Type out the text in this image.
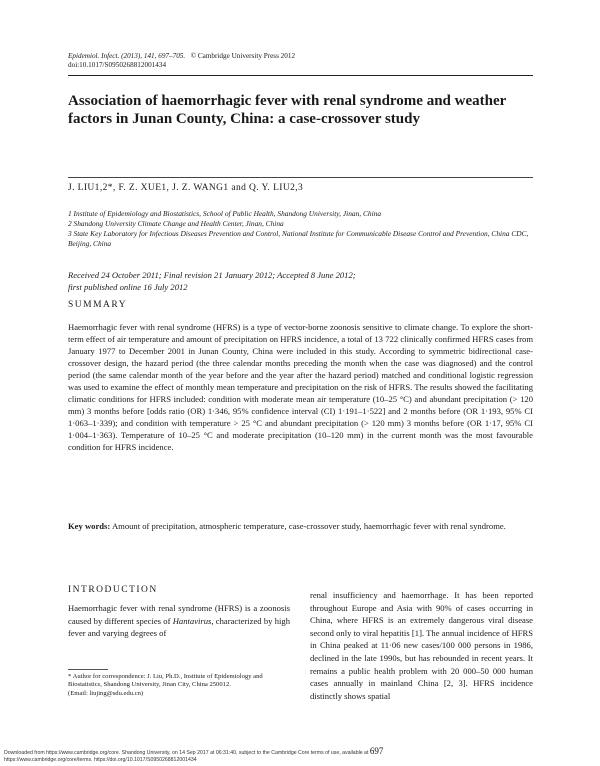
Epidemiol. Infect. (2013), 141, 697–705. © Cambridge University Press 2012
doi:10.1017/S0950268812001434
Association of haemorrhagic fever with renal syndrome and weather factors in Junan County, China: a case-crossover study
J. LIU1,2*, F. Z. XUE1, J. Z. WANG1 and Q. Y. LIU2,3
1 Institute of Epidemiology and Biostatistics, School of Public Health, Shandong University, Jinan, China
2 Shandong University Climate Change and Health Center, Jinan, China
3 State Key Laboratory for Infectious Diseases Prevention and Control, National Institute for Communicable Disease Control and Prevention, China CDC, Beijing, China
Received 24 October 2011; Final revision 21 January 2012; Accepted 8 June 2012;
first published online 16 July 2012
SUMMARY
Haemorrhagic fever with renal syndrome (HFRS) is a type of vector-borne zoonosis sensitive to climate change. To explore the short-term effect of air temperature and amount of precipitation on HFRS incidence, a total of 13 722 clinically confirmed HFRS cases from January 1977 to December 2001 in Junan County, China were included in this study. According to symmetric bidirectional case-crossover design, the hazard period (the three calendar months preceding the month when the case was diagnosed) and the control period (the same calendar month of the year before and the year after the hazard period) matched and conditional logistic regression was used to examine the effect of monthly mean temperature and precipitation on the risk of HFRS. The results showed the facilitating climatic conditions for HFRS included: condition with moderate mean air temperature (10–25 °C) and abundant precipitation (> 120 mm) 3 months before [odds ratio (OR) 1·346, 95% confidence interval (CI) 1·191–1·522] and 2 months before (OR 1·193, 95% CI 1·063–1·339); and condition with temperature > 25 °C and abundant precipitation (> 120 mm) 3 months before (OR 1·17, 95% CI 1·004–1·363). Temperature of 10–25 °C and moderate precipitation (10–120 mm) in the current month was the most favourable condition for HFRS incidence.
Key words: Amount of precipitation, atmospheric temperature, case-crossover study, haemorrhagic fever with renal syndrome.
INTRODUCTION
Haemorrhagic fever with renal syndrome (HFRS) is a zoonosis caused by different species of Hantavirus, characterized by high fever and varying degrees of
renal insufficiency and haemorrhage. It has been reported throughout Europe and Asia with 90% of cases occurring in China, where HFRS is an extremely dangerous viral disease second only to viral hepatitis [1]. The annual incidence of HFRS in China peaked at 11·06 new cases/100 000 persons in 1986, declined in the late 1990s, but has rebounded in recent years. It remains a public health problem with 20 000–50 000 human cases annually in mainland China [2, 3]. HFRS incidence distinctly shows spatial
* Author for correspondence: J. Liu, Ph.D., Institute of Epidemiology and Biostatistics, Shandong University, Jinan City, China 250012.
(Email: liujing@sdu.edu.cn)
Downloaded from https://www.cambridge.org/core. Shandong University, on 14 Sep 2017 at 06:31:40, subject to the Cambridge Core terms of use, available at 697
https://www.cambridge.org/core/terms. https://doi.org/10.1017/S0950268812001434
